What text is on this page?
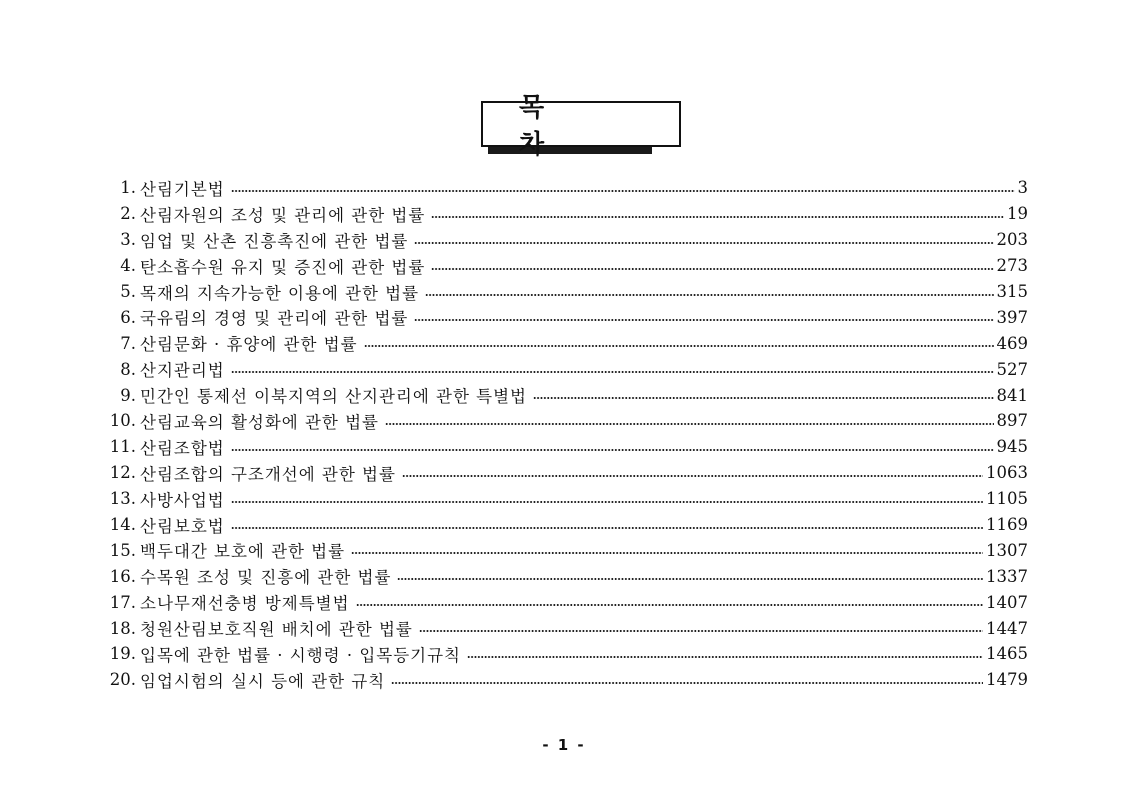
목 차
1. 산림기본법	3
2. 산림자원의 조성 및 관리에 관한 법률	19
3. 임업 및 산촌 진흥촉진에 관한 법률	203
4. 탄소흡수원 유지 및 증진에 관한 법률	273
5. 목재의 지속가능한 이용에 관한 법률	315
6. 국유림의 경영 및 관리에 관한 법률	397
7. 산림문화 · 휴양에 관한 법률	469
8. 산지관리법	527
9. 민간인 통제선 이북지역의 산지관리에 관한 특별법	841
10. 산림교육의 활성화에 관한 법률	897
11. 산림조합법	945
12. 산림조합의 구조개선에 관한 법률	1063
13. 사방사업법	1105
14. 산림보호법	1169
15. 백두대간 보호에 관한 법률	1307
16. 수목원 조성 및 진흥에 관한 법률	1337
17. 소나무재선충병 방제특별법	1407
18. 청원산림보호직원 배치에 관한 법률	1447
19. 입목에 관한 법률 · 시행령 · 입목등기규칙	1465
20. 임업시험의 실시 등에 관한 규칙	1479
- 1 -
